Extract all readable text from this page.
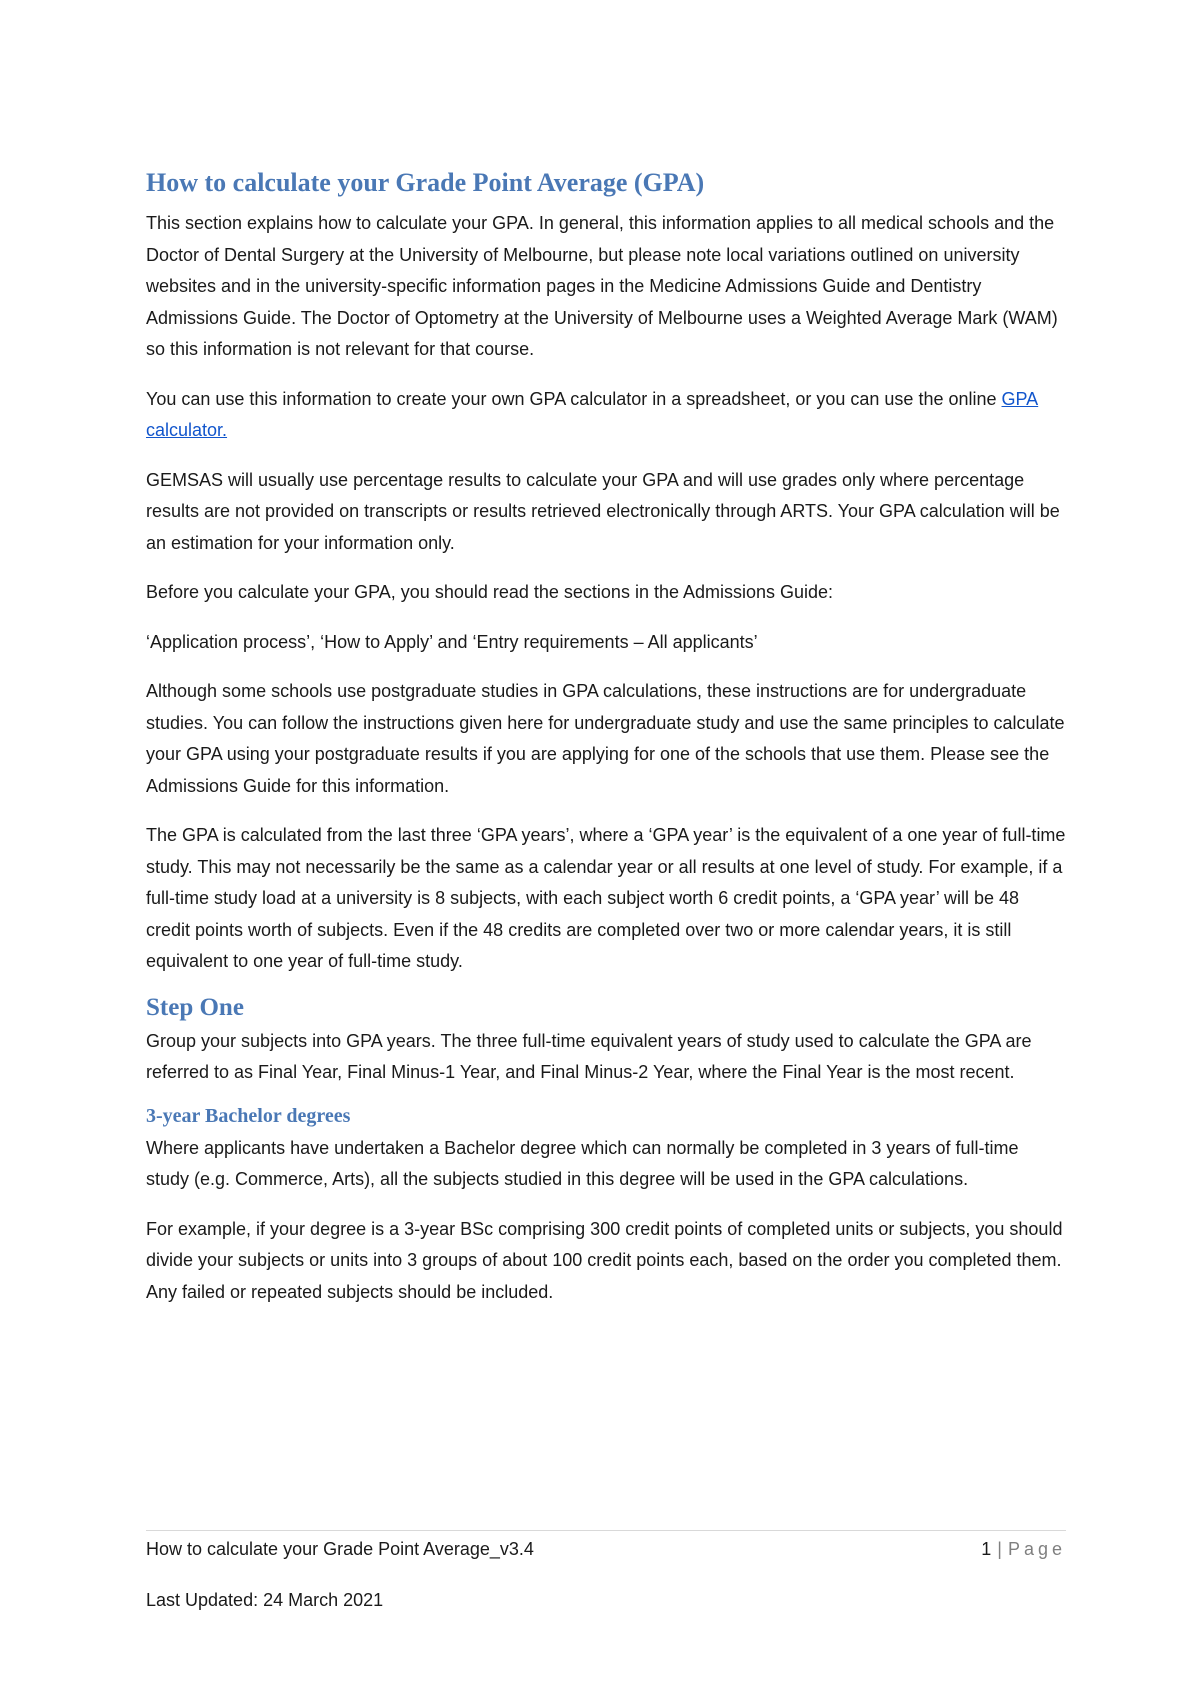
How to calculate your Grade Point Average (GPA)

This section explains how to calculate your GPA. In general, this information applies to all medical schools and the Doctor of Dental Surgery at the University of Melbourne, but please note local variations outlined on university websites and in the university-specific information pages in the Medicine Admissions Guide and Dentistry Admissions Guide. The Doctor of Optometry at the University of Melbourne uses a Weighted Average Mark (WAM) so this information is not relevant for that course.

You can use this information to create your own GPA calculator in a spreadsheet, or you can use the online GPA calculator.

GEMSAS will usually use percentage results to calculate your GPA and will use grades only where percentage results are not provided on transcripts or results retrieved electronically through ARTS. Your GPA calculation will be an estimation for your information only.

Before you calculate your GPA, you should read the sections in the Admissions Guide:

‘Application process’, ‘How to Apply’ and ‘Entry requirements – All applicants’

Although some schools use postgraduate studies in GPA calculations, these instructions are for undergraduate studies. You can follow the instructions given here for undergraduate study and use the same principles to calculate your GPA using your postgraduate results if you are applying for one of the schools that use them. Please see the Admissions Guide for this information.

The GPA is calculated from the last three ‘GPA years’, where a ‘GPA year’ is the equivalent of a one year of full-time study. This may not necessarily be the same as a calendar year or all results at one level of study. For example, if a full-time study load at a university is 8 subjects, with each subject worth 6 credit points, a ‘GPA year’ will be 48 credit points worth of subjects. Even if the 48 credits are completed over two or more calendar years, it is still equivalent to one year of full-time study.

Step One

Group your subjects into GPA years. The three full-time equivalent years of study used to calculate the GPA are referred to as Final Year, Final Minus-1 Year, and Final Minus-2 Year, where the Final Year is the most recent.

3-year Bachelor degrees

Where applicants have undertaken a Bachelor degree which can normally be completed in 3 years of full-time study (e.g. Commerce, Arts), all the subjects studied in this degree will be used in the GPA calculations.

For example, if your degree is a 3-year BSc comprising 300 credit points of completed units or subjects, you should divide your subjects or units into 3 groups of about 100 credit points each, based on the order you completed them. Any failed or repeated subjects should be included.

How to calculate your Grade Point Average_v3.4	1 | Page
Last Updated: 24 March 2021
